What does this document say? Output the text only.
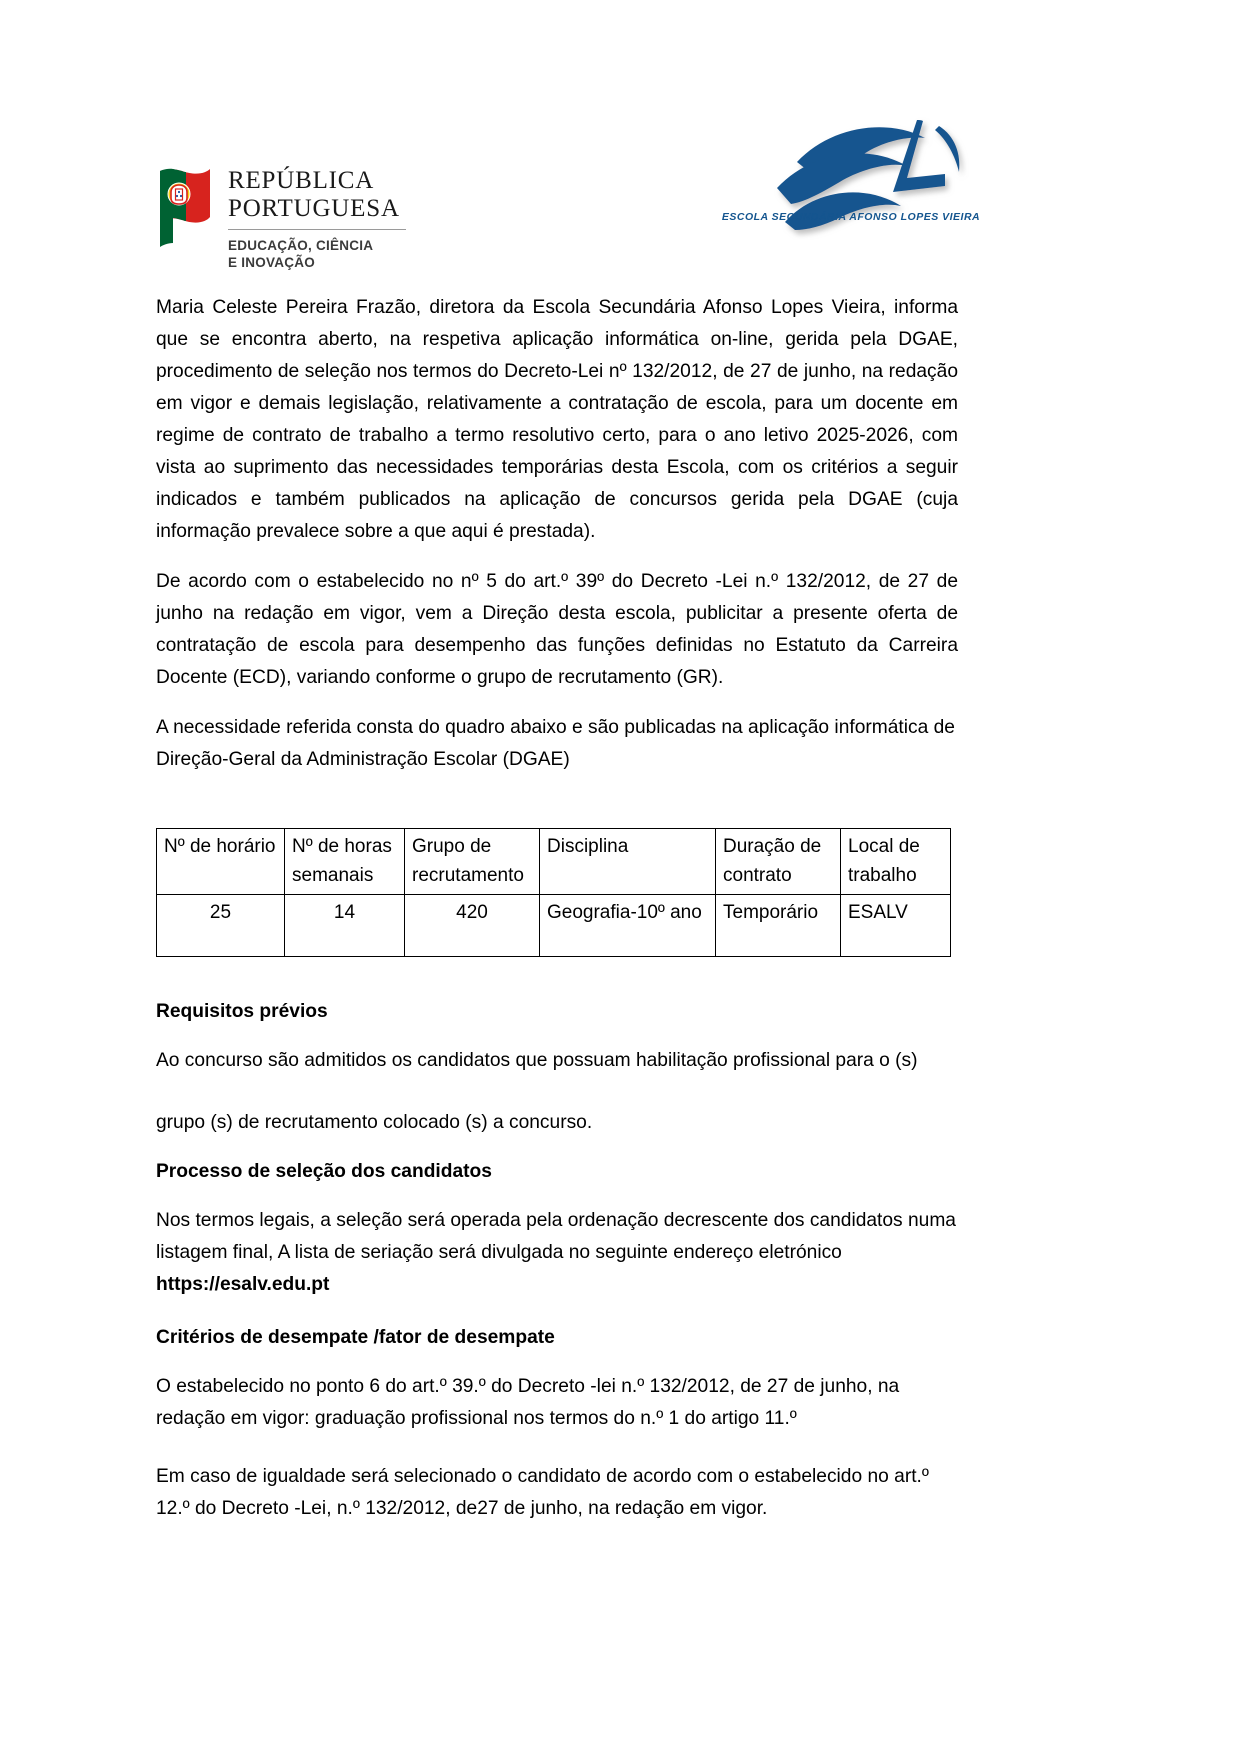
REPÚBLICA
PORTUGUESA
EDUCAÇÃO, CIÊNCIA
E INOVAÇÃO
ESCOLA SECUNDÁRIA AFONSO LOPES VIEIRA

Maria Celeste Pereira Frazão, diretora da Escola Secundária Afonso Lopes Vieira, informa que se encontra aberto, na respetiva aplicação informática on-line, gerida pela DGAE, procedimento de seleção nos termos do Decreto-Lei nº 132/2012, de 27 de junho, na redação em vigor e demais legislação, relativamente a contratação de escola, para um docente em regime de contrato de trabalho a termo resolutivo certo, para o ano letivo 2025-2026, com vista ao suprimento das necessidades temporárias desta Escola, com os critérios a seguir indicados e também publicados na aplicação de concursos gerida pela DGAE (cuja informação prevalece sobre a que aqui é prestada).

De acordo com o estabelecido no nº 5 do art.º 39º do Decreto -Lei n.º 132/2012, de 27 de junho na redação em vigor, vem a Direção desta escola, publicitar a presente oferta de contratação de escola para desempenho das funções definidas no Estatuto da Carreira Docente (ECD), variando conforme o grupo de recrutamento (GR).

A necessidade referida consta do quadro abaixo e são publicadas na aplicação informática de Direção-Geral da Administração Escolar (DGAE)

Nº de horário	Nº de horas semanais	Grupo de recrutamento	Disciplina	Duração de contrato	Local de trabalho
25	14	420	Geografia-10º ano	Temporário	ESALV
Requisitos prévios

Ao concurso são admitidos os candidatos que possuam habilitação profissional para o (s)

grupo (s) de recrutamento colocado (s) a concurso.

Processo de seleção dos candidatos

Nos termos legais, a seleção será operada pela ordenação decrescente dos candidatos numa listagem final, A lista de seriação será divulgada no seguinte endereço eletrónico

https://esalv.edu.pt
Critérios de desempate /fator de desempate

O estabelecido no ponto 6 do art.º 39.º do Decreto -lei n.º 132/2012, de 27 de junho, na redação em vigor: graduação profissional nos termos do n.º 1 do artigo 11.º

Em caso de igualdade será selecionado o candidato de acordo com o estabelecido no art.º 12.º do Decreto -Lei, n.º 132/2012, de27 de junho, na redação em vigor.
